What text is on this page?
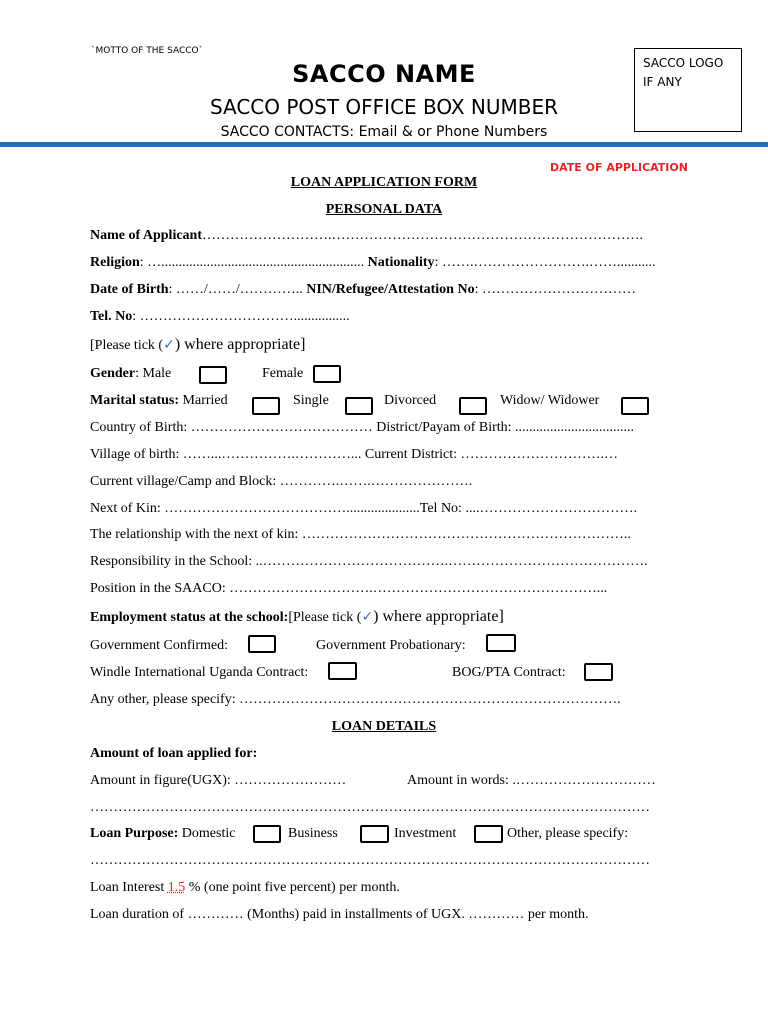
`MOTTO OF THE SACCO`
SACCO NAME
SACCO POST OFFICE BOX NUMBER
SACCO CONTACTS: Email & or Phone Numbers
SACCO LOGO IF ANY
DATE OF APPLICATION
LOAN APPLICATION FORM
PERSONAL DATA
Name of Applicant……………………….………………………………………………………….
Religion: ….......................................................... Nationality: …….…………………….……...........
Date of Birth: ……/……/………….. NIN/Refugee/Attestation No: ……………………………
Tel. No: ……………………………................
[Please tick (✓) where appropriate]
Gender: Male	Female
Marital status: Married	Single	Divorced	Widow/ Widower
Country of Birth: ………………………………… District/Payam of Birth: ..................................
Village of birth: ……...…………….…………... Current District: ………………………….…
Current village/Camp and Block: ………….…….………………….
Next of Kin: ………………………………….....................Tel No: ....…………………………….
The relationship with the next of kin: ……………………………………………………………..
Responsibility in the School: ..………………………………….…………………………………….
Position in the SAACO: ………………………….…………………………………………...
Employment status at the school:[Please tick (✓) where appropriate]
Government Confirmed:	Government Probationary:
Windle International Uganda Contract:	BOG/PTA Contract:
Any other, please specify: ……………………………………………………………………….
LOAN DETAILS
Amount of loan applied for:
Amount in figure(UGX): ……………………	Amount in words: .…………………………
…………………………………………………………………………………………………………
Loan Purpose: Domestic	Business	Investment	Other, please specify:
…………………………………………………………………………………………………………
Loan Interest 1.5 % (one point five percent) per month.
Loan duration of ………… (Months) paid in installments of UGX. ………… per month.
